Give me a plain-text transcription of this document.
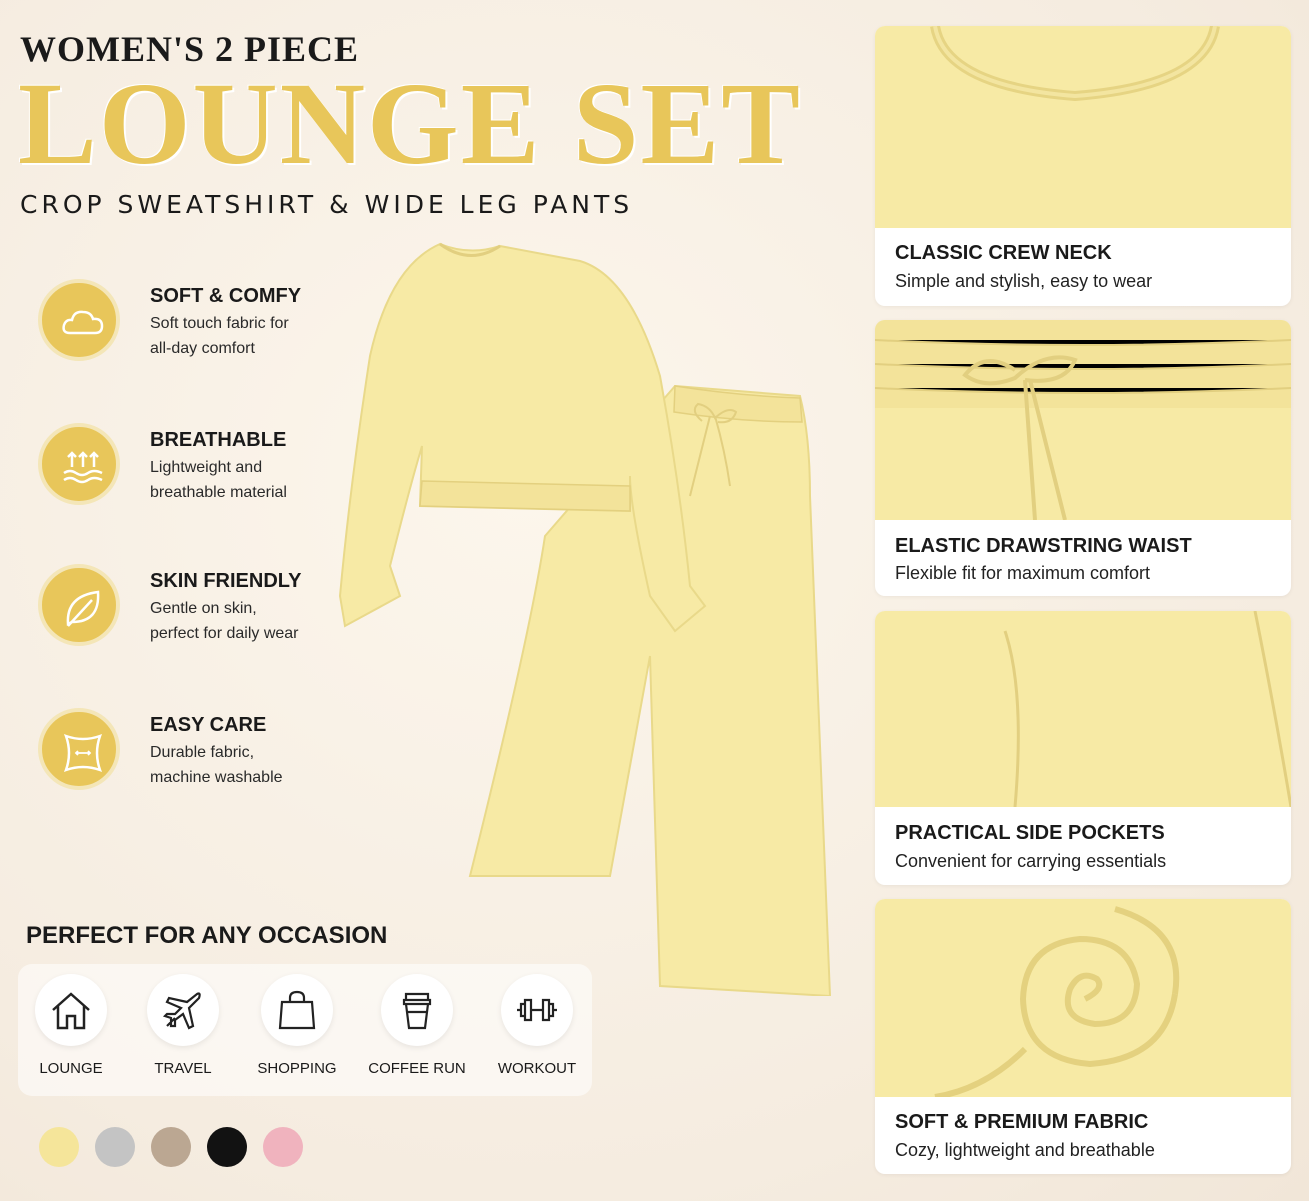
WOMEN'S 2 PIECE
LOUNGE SET
CROP SWEATSHIRT & WIDE LEG PANTS
SOFT & COMFY
Soft touch fabric for
all-day comfort
BREATHABLE
Lightweight and
breathable material
SKIN FRIENDLY
Gentle on skin,
perfect for daily wear
EASY CARE
Durable fabric,
machine washable
PERFECT FOR ANY OCCASION
LOUNGE	TRAVEL	SHOPPING	COFFEE RUN	WORKOUT
CLASSIC CREW NECK
Simple and stylish, easy to wear
ELASTIC DRAWSTRING WAIST
Flexible fit for maximum comfort
PRACTICAL SIDE POCKETS
Convenient for carrying essentials
SOFT & PREMIUM FABRIC
Cozy, lightweight and breathable
